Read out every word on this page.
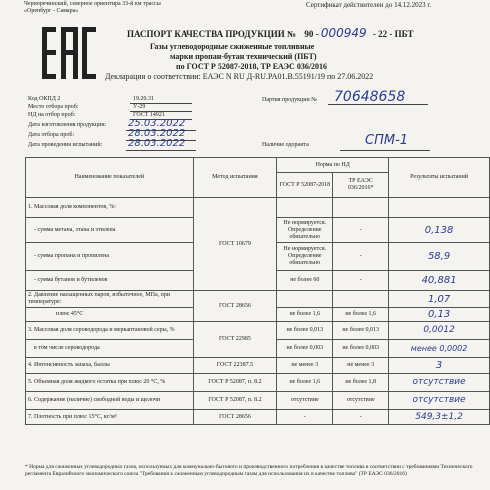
Черноречинский, северное ориентира 33-й км трассы
«Оренбург - Самара»
Сертификат действителен до 14.12.2023 г.
ПАСПОРТ КАЧЕСТВА ПРОДУКЦИИ № 90 - 000949 - 22 - ПБТ
Газы углеводородные сжиженные топливные
марки пропан-бутан технический (ПБТ)
по ГОСТ Р 52087-2018, ТР ЕАЭС 036/2016
Декларация о соответствии: ЕАЭС N RU Д-RU.PA01.B.55191/19 по 27.06.2022
Код ОКПД 2	19.20.31
Место отбора проб:	У-29
НД на отбор проб:	ГОСТ 14921
Дата изготовления продукции: 25.03.2022
Дата отбора проб:	28.03.2022
Дата проведения испытаний:	28.03.2022
Партия продукции № 70648658
Наличие одоранта	СПМ-1
Наименование показателей	Метод испытания	Норма по НД		Результаты испытаний
		ГОСТ Р 52087-2018	ТР ЕАЭС 036/2016*	
1. Массовая доля компонентов, %:	ГОСТ 10679			
- сумма метана, этана и этилена		Не нормируется. Определение обязательно	-	0,138
- сумма пропана и пропилена		Не нормируется. Определение обязательно	-	58,9
- сумма бутанов и бутиленов		не более 60	-	40,881
2. Давление насыщенных паров, избыточное, МПа, при температуре:	ГОСТ 28656			1,07
плюс 45°С		не более 1,6	не более 1,6	0,13
3. Массовая доля сероводорода и меркаптановой серы, %	ГОСТ 22985	не более 0,013	не более 0,013	0,0012
в том числе сероводорода		не более 0,003	не более 0,003	менее 0,0002
4. Интенсивность запаха, баллы	ГОСТ 22387.5	не менее 3	не менее 3	3
5. Объемная доля жидкого остатка при плюс 20 °С, %	ГОСТ Р 52087, п. 8.2	не более 1,6	не более 1,8	отсутствие
6. Содержание (наличие) свободной воды и щелочи	ГОСТ Р 52087, п. 8.2	отсутствие	отсутствие	отсутствие
7. Плотность при плюс 15°С, кг/м³	ГОСТ 28656	-	-	549,3±1,2
* Норма для сжиженных углеводородных газов, используемых для коммунально-бытового и производственного потребления в качестве топлива в соответствии с требованиями Технического регламента Евразийского экономического союза "Требования к сжиженным углеводородным газам для использования их в качестве топлива" (ТР ЕАЭС 036/2016)
